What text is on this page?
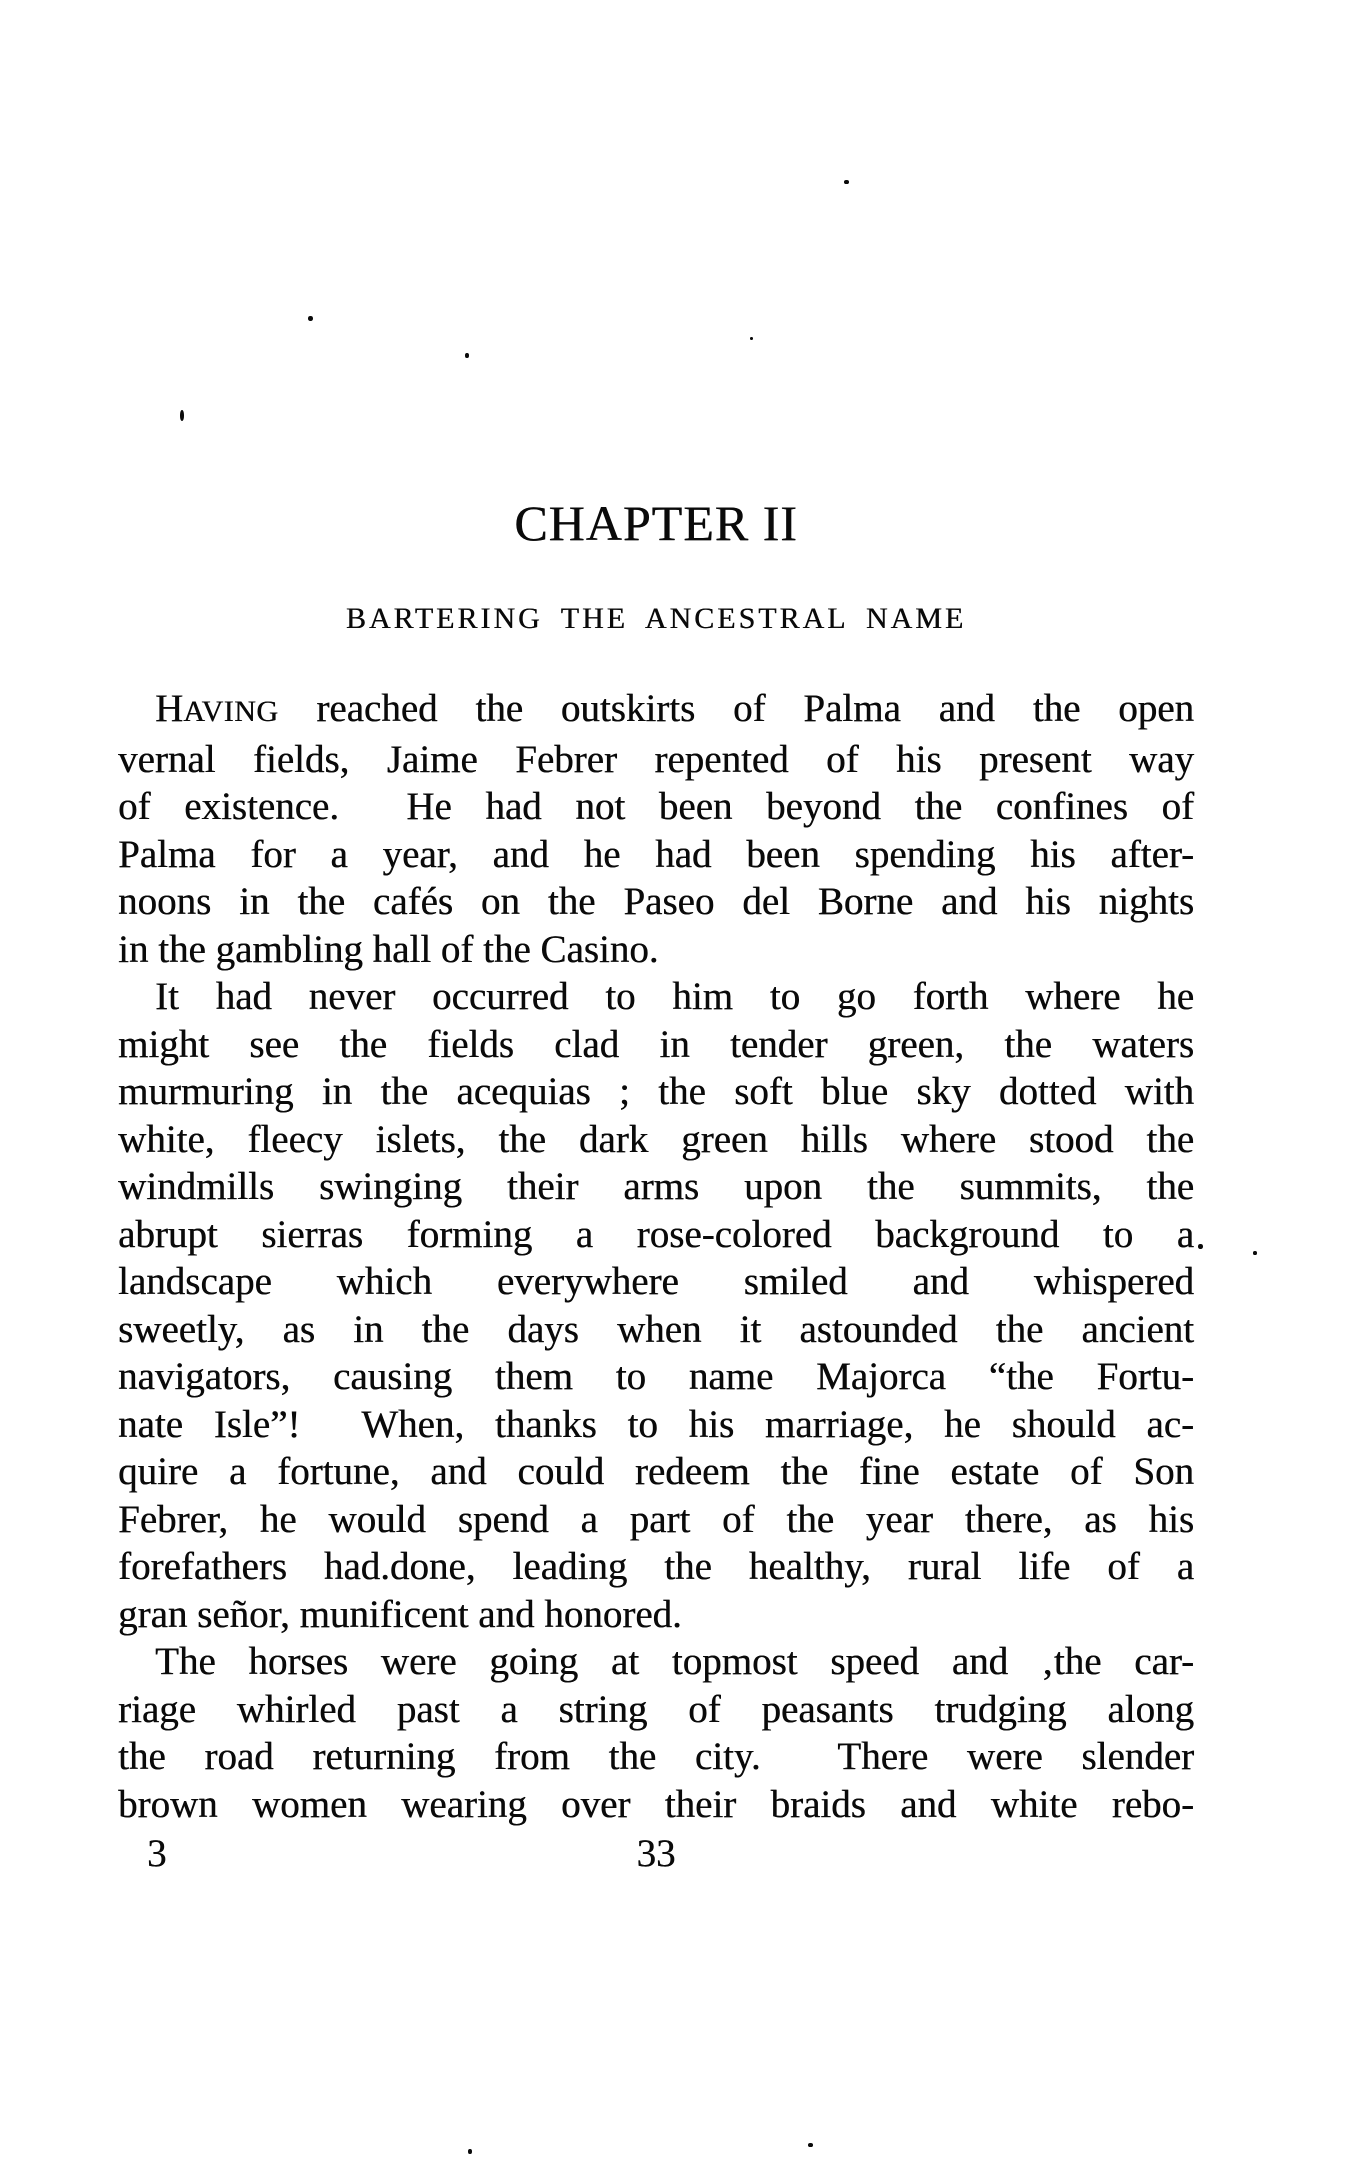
CHAPTER II
BARTERING THE ANCESTRAL NAME
HAVING reached the outskirts of Palma and the open
vernal fields, Jaime Febrer repented of his present way
of existence.  He had not been beyond the confines of
Palma for a year, and he had been spending his after-
noons in the cafés on the Paseo del Borne and his nights
in the gambling hall of the Casino.
It had never occurred to him to go forth where he
might see the fields clad in tender green, the waters
murmuring in the acequias ; the soft blue sky dotted with
white, fleecy islets, the dark green hills where stood the
windmills swinging their arms upon the summits, the
abrupt sierras forming a rose-colored background to a
landscape which everywhere smiled and whispered
sweetly, as in the days when it astounded the ancient
navigators, causing them to name Majorca “the Fortu-
nate Isle”!  When, thanks to his marriage, he should ac-
quire a fortune, and could redeem the fine estate of Son
Febrer, he would spend a part of the year there, as his
forefathers had.done, leading the healthy, rural life of a
gran señor, munificent and honored.
The horses were going at topmost speed and ‚the car-
riage whirled past a string of peasants trudging along
the road returning from the city.  There were slender
brown women wearing over their braids and white rebo-
3	33
